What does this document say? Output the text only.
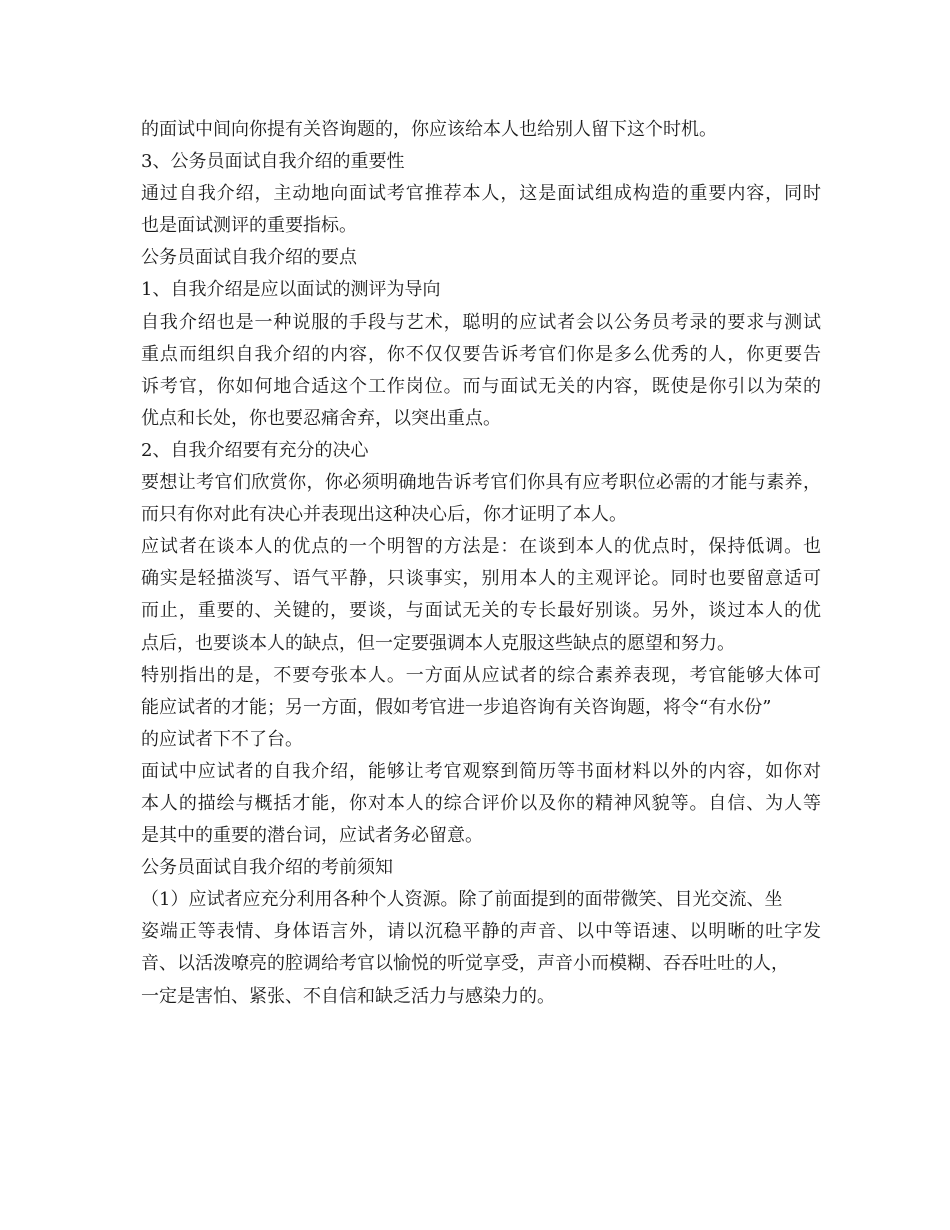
的面试中间向你提有关咨询题的，你应该给本人也给别人留下这个时机。
3、公务员面试自我介绍的重要性
通过自我介绍，主动地向面试考官推荐本人，这是面试组成构造的重要内容，同时
也是面试测评的重要指标。
公务员面试自我介绍的要点
1、自我介绍是应以面试的测评为导向
自我介绍也是一种说服的手段与艺术，聪明的应试者会以公务员考录的要求与测试
重点而组织自我介绍的内容，你不仅仅要告诉考官们你是多么优秀的人，你更要告
诉考官，你如何地合适这个工作岗位。而与面试无关的内容，既使是你引以为荣的
优点和长处，你也要忍痛舍弃，以突出重点。
2、自我介绍要有充分的决心
要想让考官们欣赏你，你必须明确地告诉考官们你具有应考职位必需的才能与素养，
而只有你对此有决心并表现出这种决心后，你才证明了本人。
应试者在谈本人的优点的一个明智的方法是：在谈到本人的优点时，保持低调。也
确实是轻描淡写、语气平静，只谈事实，别用本人的主观评论。同时也要留意适可
而止，重要的、关键的，要谈，与面试无关的专长最好别谈。另外，谈过本人的优
点后，也要谈本人的缺点，但一定要强调本人克服这些缺点的愿望和努力。
特别指出的是，不要夸张本人。一方面从应试者的综合素养表现，考官能够大体可
能应试者的才能；另一方面，假如考官进一步追咨询有关咨询题，将令“有水份”
的应试者下不了台。
面试中应试者的自我介绍，能够让考官观察到简历等书面材料以外的内容，如你对
本人的描绘与概括才能，你对本人的综合评价以及你的精神风貌等。自信、为人等
是其中的重要的潜台词，应试者务必留意。
公务员面试自我介绍的考前须知
（1）应试者应充分利用各种个人资源。除了前面提到的面带微笑、目光交流、坐
姿端正等表情、身体语言外，请以沉稳平静的声音、以中等语速、以明晰的吐字发
音、以活泼嘹亮的腔调给考官以愉悦的听觉享受，声音小而模糊、吞吞吐吐的人，
一定是害怕、紧张、不自信和缺乏活力与感染力的。
